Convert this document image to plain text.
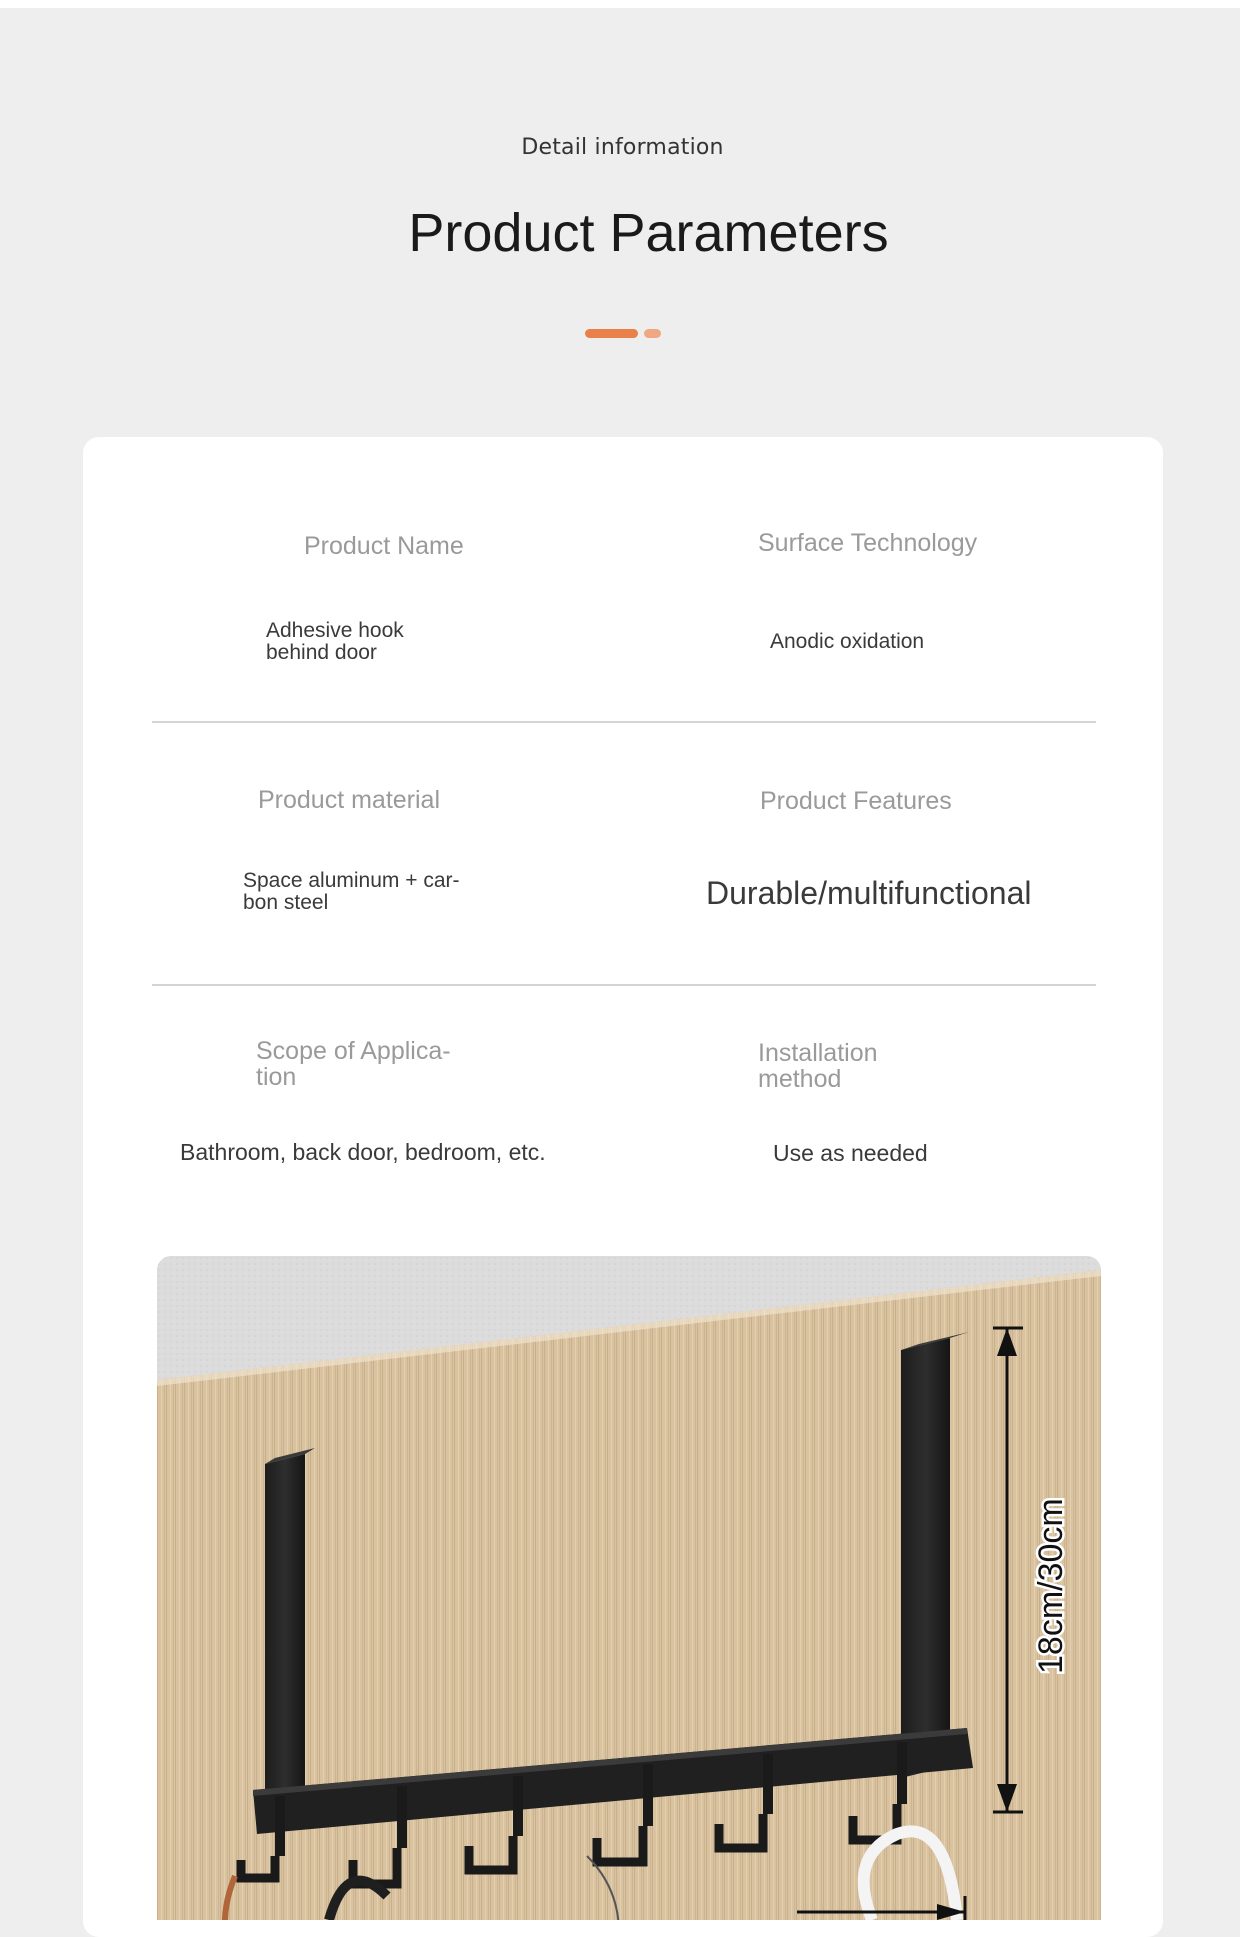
Detail information
Product Parameters
Product Name
Adhesive hook
behind door
Surface Technology
Anodic oxidation
Product material
Space aluminum + car-
bon steel
Product Features
Durable/multifunctional
Scope of Applica-
tion
Bathroom, back door, bedroom, etc.
Installation
method
Use as needed
18cm/30cm
